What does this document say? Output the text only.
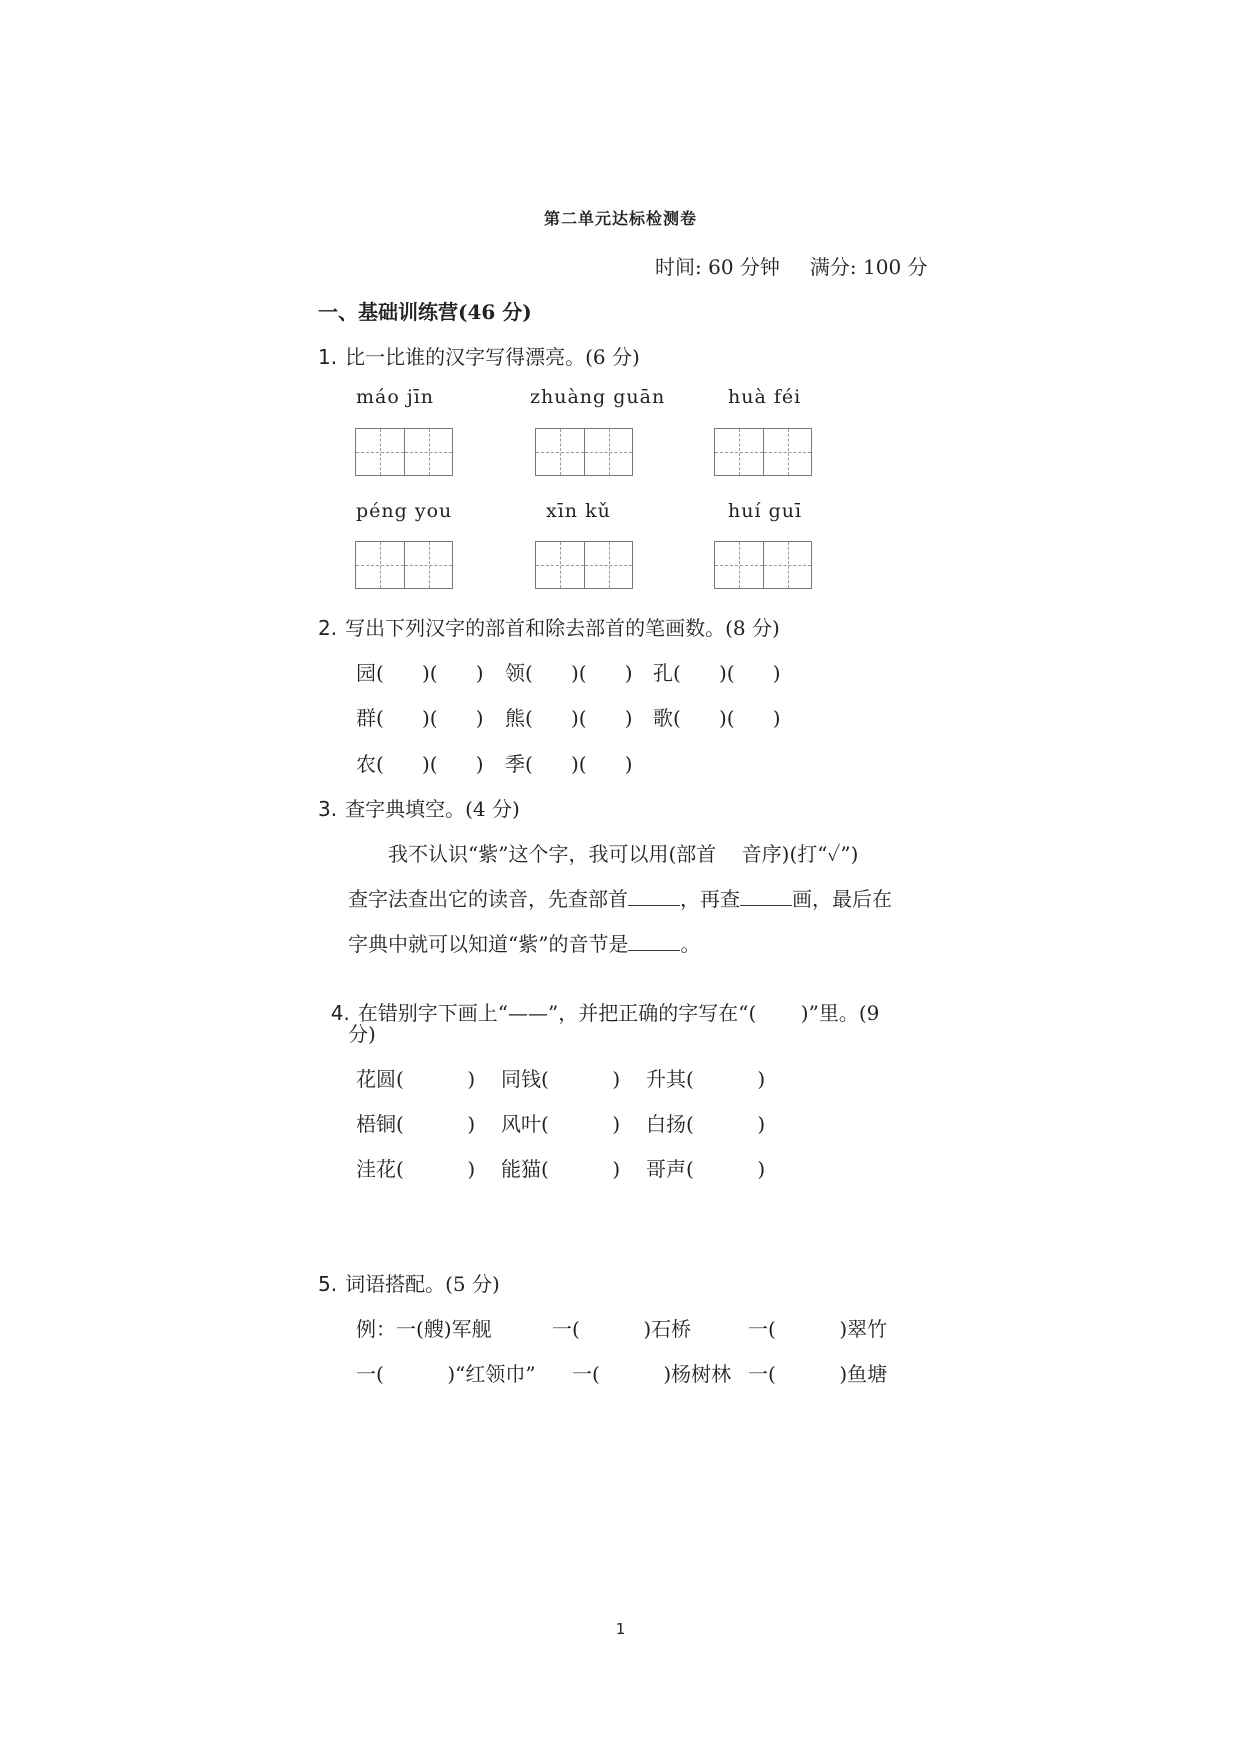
第二单元达标检测卷
时间: 60 分钟 满分: 100 分
一、基础训练营(46 分)
1. 比一比谁的汉字写得漂亮。(6 分)
máo jīn	zhuàng guān	huà féi
péng you	xīn kǔ	huí guī
2. 写出下列汉字的部首和除去部首的笔画数。(8 分)
园(      )(      ) 领(      )(      ) 孔(      )(      )
群(      )(      ) 熊(      )(      ) 歌(      )(      )
农(      )(      ) 季(      )(      )
3. 查字典填空。(4 分)
我不认识“紫”这个字，我可以用(部首    音序)(打“✓”)
查字法查出它的读音，先查部首	，再查	画，最后在
字典中就可以知道“紫”的音节是	。

4. 在错别字下画上“——”，并把正确的字写在“(       )”里。(9

分)
花圆(          ) 同钱(          ) 升其(          )
梧铜(          ) 风叶(          ) 白扬(          )
洼花(          ) 能猫(          ) 哥声(          )
5. 词语搭配。(5 分)
例：一(艘)军舰	一(          )石桥	一(          )翠竹
一(          )“红领巾” 一(          )杨树林 一(          )鱼塘
1
